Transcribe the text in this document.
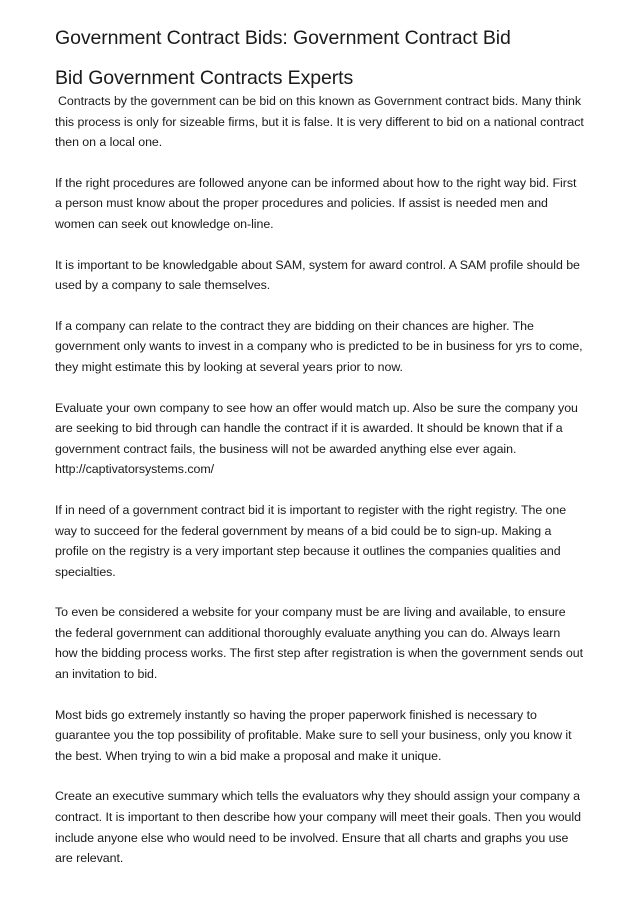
Government Contract Bids: Government Contract Bid
Bid Government Contracts Experts

Contracts by the government can be bid on this known as Government contract bids. Many think this process is only for sizeable firms, but it is false. It is very different to bid on a national contract then on a local one.

If the right procedures are followed anyone can be informed about how to the right way bid. First a person must know about the proper procedures and policies. If assist is needed men and women can seek out knowledge on-line.

It is important to be knowledgable about SAM, system for award control. A SAM profile should be used by a company to sale themselves.

If a company can relate to the contract they are bidding on their chances are higher. The government only wants to invest in a company who is predicted to be in business for yrs to come, they might estimate this by looking at several years prior to now.

Evaluate your own company to see how an offer would match up. Also be sure the company you are seeking to bid through can handle the contract if it is awarded. It should be known that if a government contract fails, the business will not be awarded anything else ever again. http://captivatorsystems.com/

If in need of a government contract bid it is important to register with the right registry. The one way to succeed for the federal government by means of a bid could be to sign-up. Making a profile on the registry is a very important step because it outlines the companies qualities and specialties.

To even be considered a website for your company must be are living and available, to ensure the federal government can additional thoroughly evaluate anything you can do. Always learn how the bidding process works. The first step after registration is when the government sends out an invitation to bid.

Most bids go extremely instantly so having the proper paperwork finished is necessary to guarantee you the top possibility of profitable. Make sure to sell your business, only you know it the best. When trying to win a bid make a proposal and make it unique.

Create an executive summary which tells the evaluators why they should assign your company a contract. It is important to then describe how your company will meet their goals. Then you would include anyone else who would need to be involved. Ensure that all charts and graphs you use are relevant.
